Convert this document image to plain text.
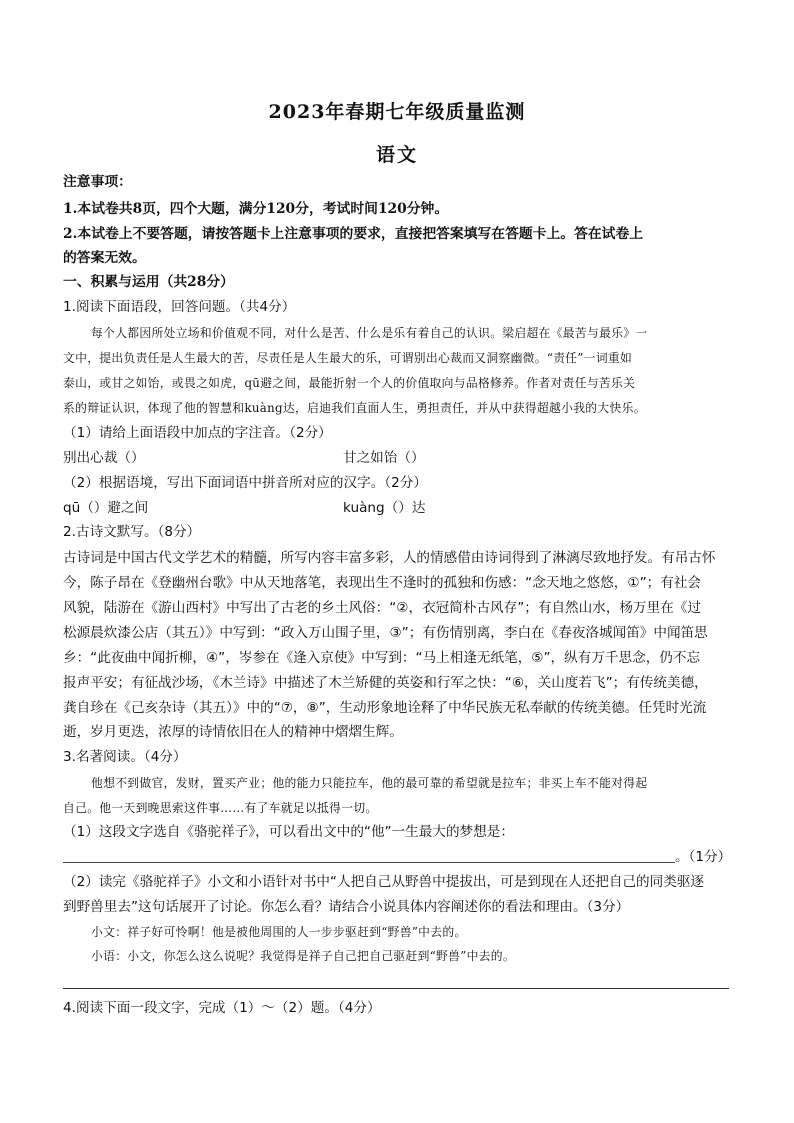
2023年春期七年级质量监测
语文
注意事项：
1.本试卷共8页，四个大题，满分120分，考试时间120分钟。
2.本试卷上不要答题，请按答题卡上注意事项的要求，直接把答案填写在答题卡上。答在试卷上
的答案无效。
一、积累与运用（共28分）
1.阅读下面语段，回答问题。（共4分）
每个人都因所处立场和价值观不同，对什么是苦、什么是乐有着自己的认识。梁启超在《最苦与最乐》一
文中，提出负责任是人生最大的苦，尽责任是人生最大的乐，可谓别出心裁而又洞察幽微。“责任”一词重如
泰山，或甘之如饴，或畏之如虎，qū避之间，最能折射一个人的价值取向与品格修养。作者对责任与苦乐关
系的辩证认识，体现了他的智慧和kuàng达，启迪我们直面人生，勇担责任，并从中获得超越小我的大快乐。
（1）请给上面语段中加点的字注音。（2分）
别出心裁（）	甘之如饴（）
（2）根据语境，写出下面词语中拼音所对应的汉字。（2分）
qū（）避之间	kuàng（）达
2.古诗文默写。（8分）
古诗词是中国古代文学艺术的精髓，所写内容丰富多彩，人的情感借由诗词得到了淋漓尽致地抒发。有吊古怀
今，陈子昂在《登幽州台歌》中从天地落笔，表现出生不逢时的孤独和伤感：“念天地之悠悠，①”；有社会
风貌，陆游在《游山西村》中写出了古老的乡土风俗：“②，衣冠简朴古风存”；有自然山水，杨万里在《过
松源晨炊漆公店（其五）》中写到：“政入万山围子里，③”；有伤情别离，李白在《春夜洛城闻笛》中闻笛思
乡：“此夜曲中闻折柳，④”，岑参在《逢入京使》中写到：“马上相逢无纸笔，⑤”，纵有万千思念，仍不忘
报声平安；有征战沙场，《木兰诗》中描述了木兰矫健的英姿和行军之快：“⑥，关山度若飞”；有传统美德，
龚自珍在《己亥杂诗（其五）》中的“⑦，⑧”，生动形象地诠释了中华民族无私奉献的传统美德。任凭时光流
逝，岁月更迭，浓厚的诗情依旧在人的精神中熠熠生辉。
3.名著阅读。（4分）
他想不到做官，发财，置买产业；他的能力只能拉车，他的最可靠的希望就是拉车；非买上车不能对得起
自己。他一天到晚思索这件事……有了车就足以抵得一切。
（1）这段文字选自《骆驼祥子》，可以看出文中的“他”一生最大的梦想是：
。（1分）
（2）读完《骆驼祥子》小文和小语针对书中“人把自己从野兽中提拔出，可是到现在人还把自己的同类驱逐
到野兽里去”这句话展开了讨论。你怎么看？请结合小说具体内容阐述你的看法和理由。（3分）
小文：祥子好可怜啊！他是被他周围的人一步步驱赶到“野兽”中去的。
小语：小文，你怎么这么说呢？我觉得是祥子自己把自己驱赶到“野兽”中去的。
4.阅读下面一段文字，完成（1）～（2）题。（4分）
